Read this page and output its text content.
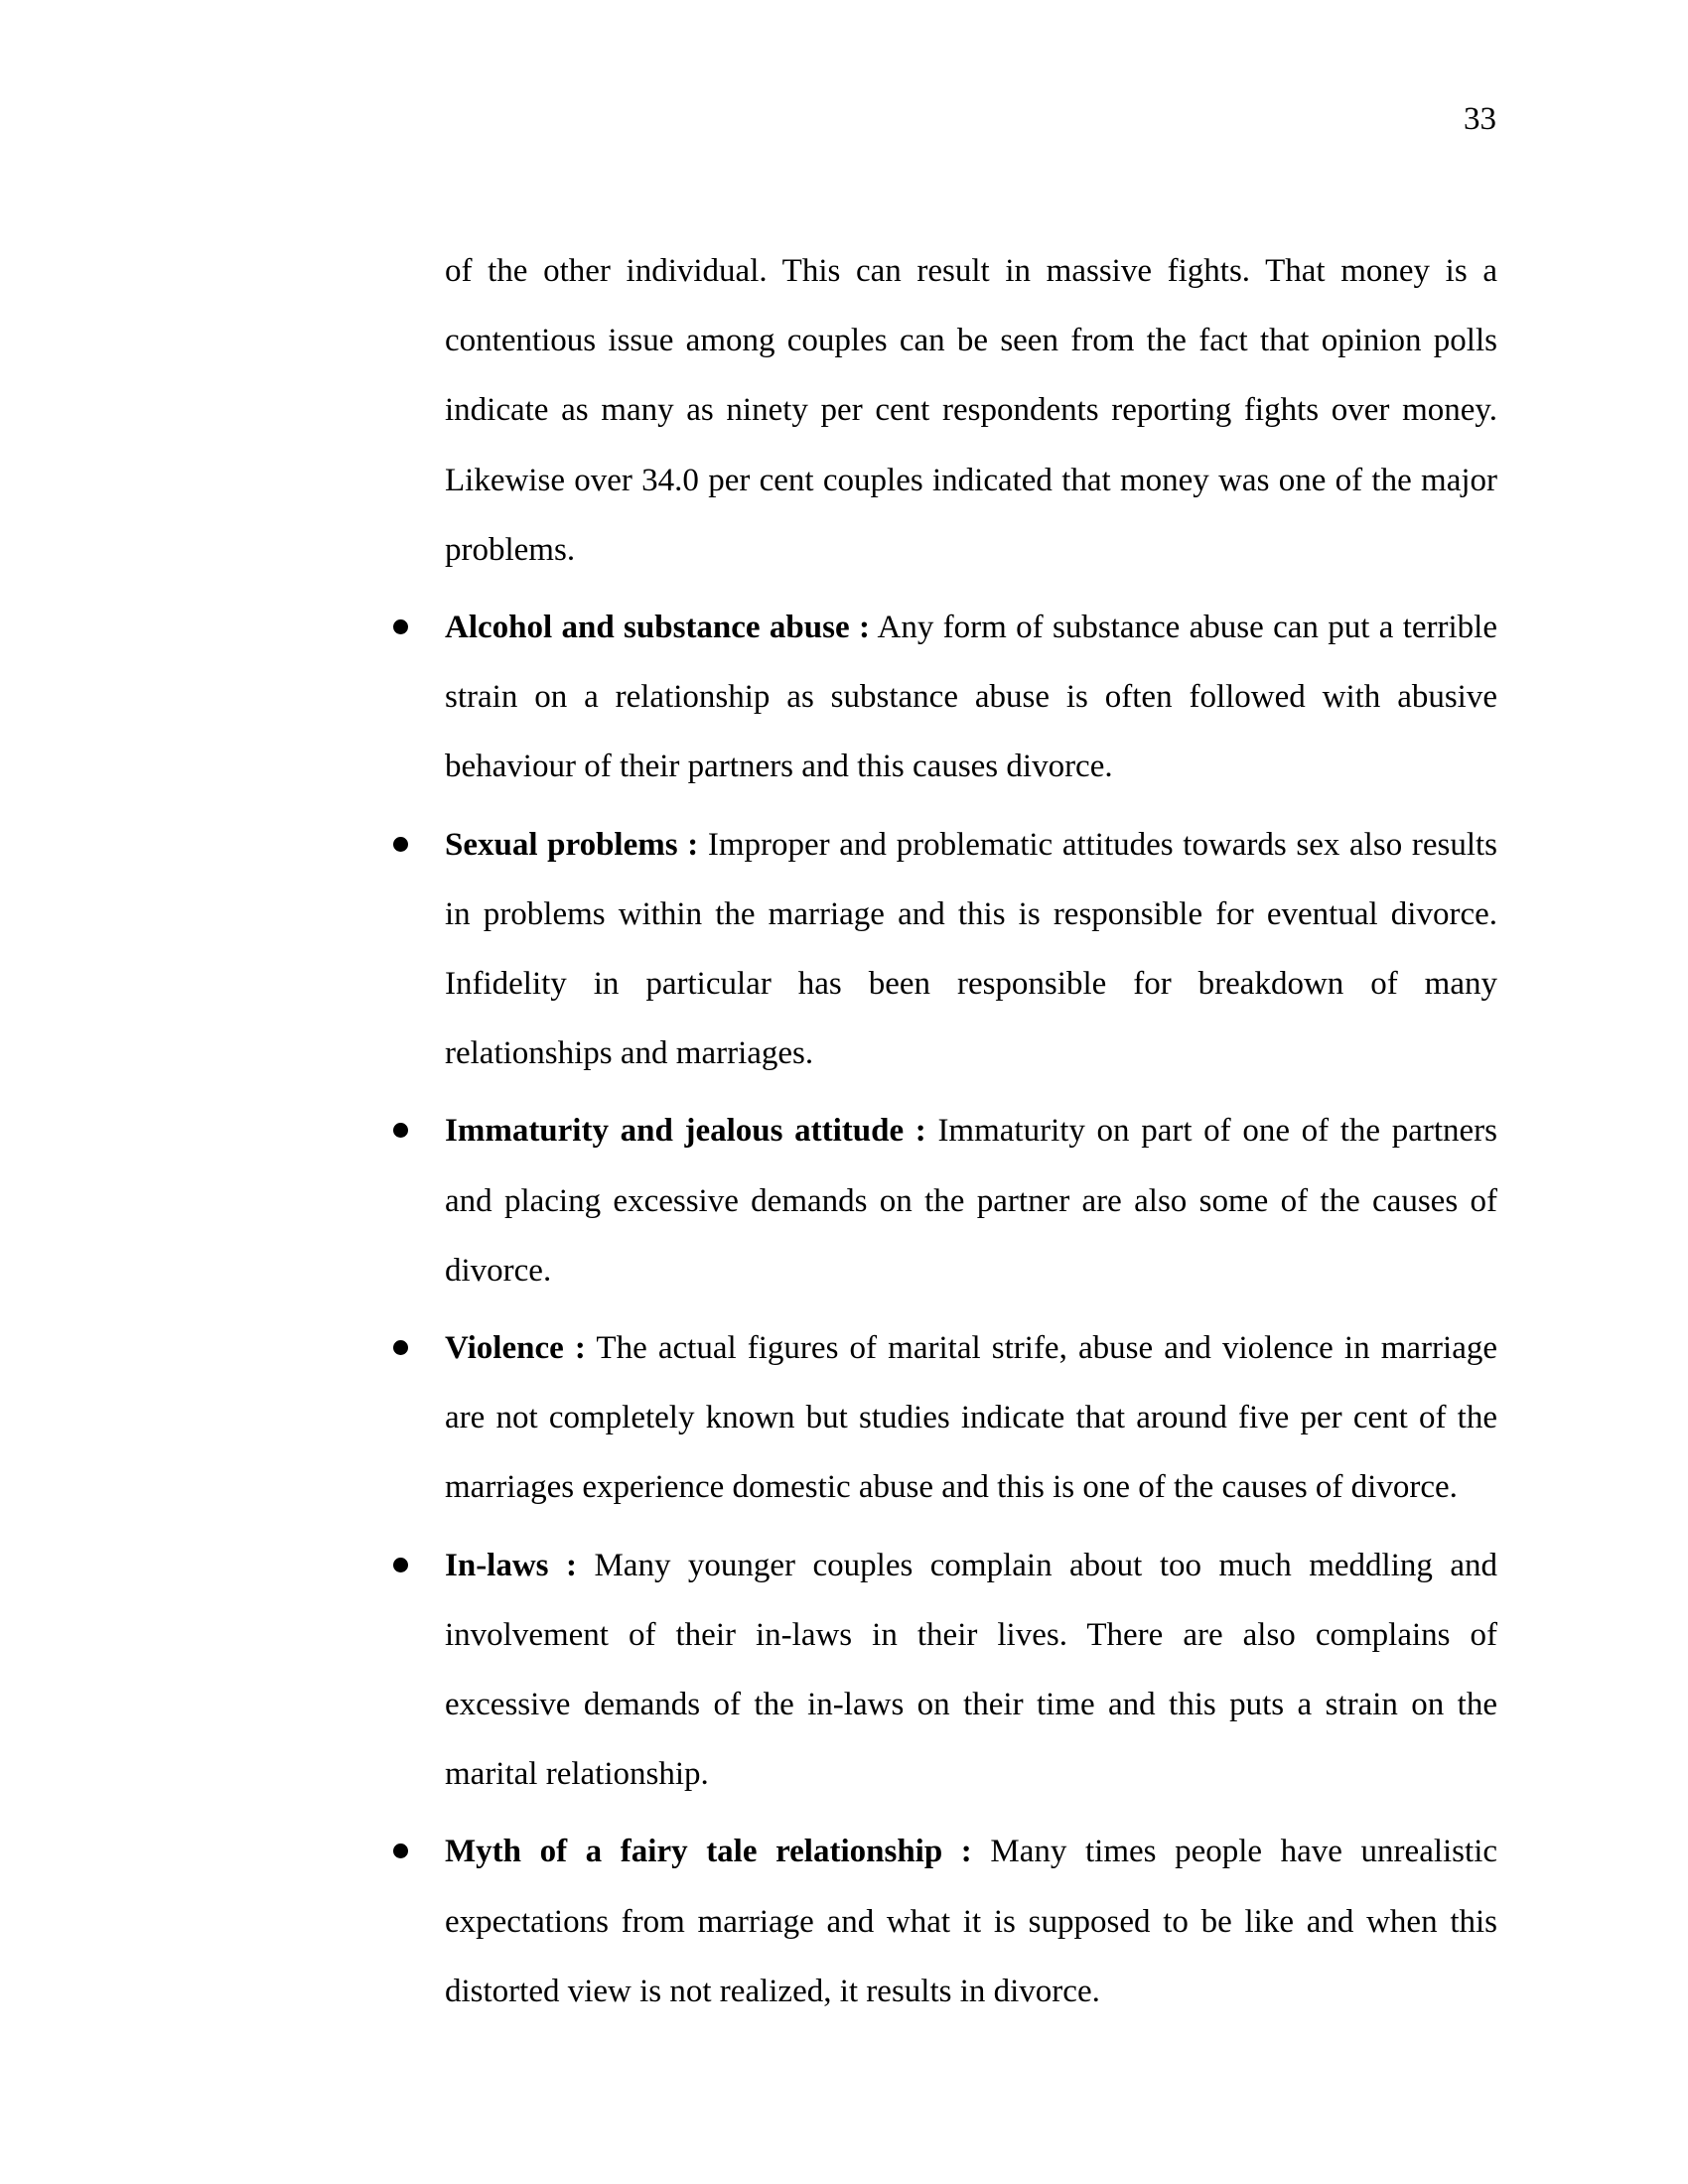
33

of the other individual. This can result in massive fights. That money is a contentious issue among couples can be seen from the fact that opinion polls indicate as many as ninety per cent respondents reporting fights over money. Likewise over 34.0 per cent couples indicated that money was one of the major problems.

Alcohol and substance abuse : Any form of substance abuse can put a terrible strain on a relationship as substance abuse is often followed with abusive behaviour of their partners and this causes divorce.
Sexual problems : Improper and problematic attitudes towards sex also results in problems within the marriage and this is responsible for eventual divorce. Infidelity in particular has been responsible for breakdown of many relationships and marriages.
Immaturity and jealous attitude : Immaturity on part of one of the partners and placing excessive demands on the partner are also some of the causes of divorce.
Violence : The actual figures of marital strife, abuse and violence in marriage are not completely known but studies indicate that around five per cent of the marriages experience domestic abuse and this is one of the causes of divorce.
In-laws : Many younger couples complain about too much meddling and involvement of their in-laws in their lives. There are also complains of excessive demands of the in-laws on their time and this puts a strain on the marital relationship.
Myth of a fairy tale relationship : Many times people have unrealistic expectations from marriage and what it is supposed to be like and when this distorted view is not realized, it results in divorce.
